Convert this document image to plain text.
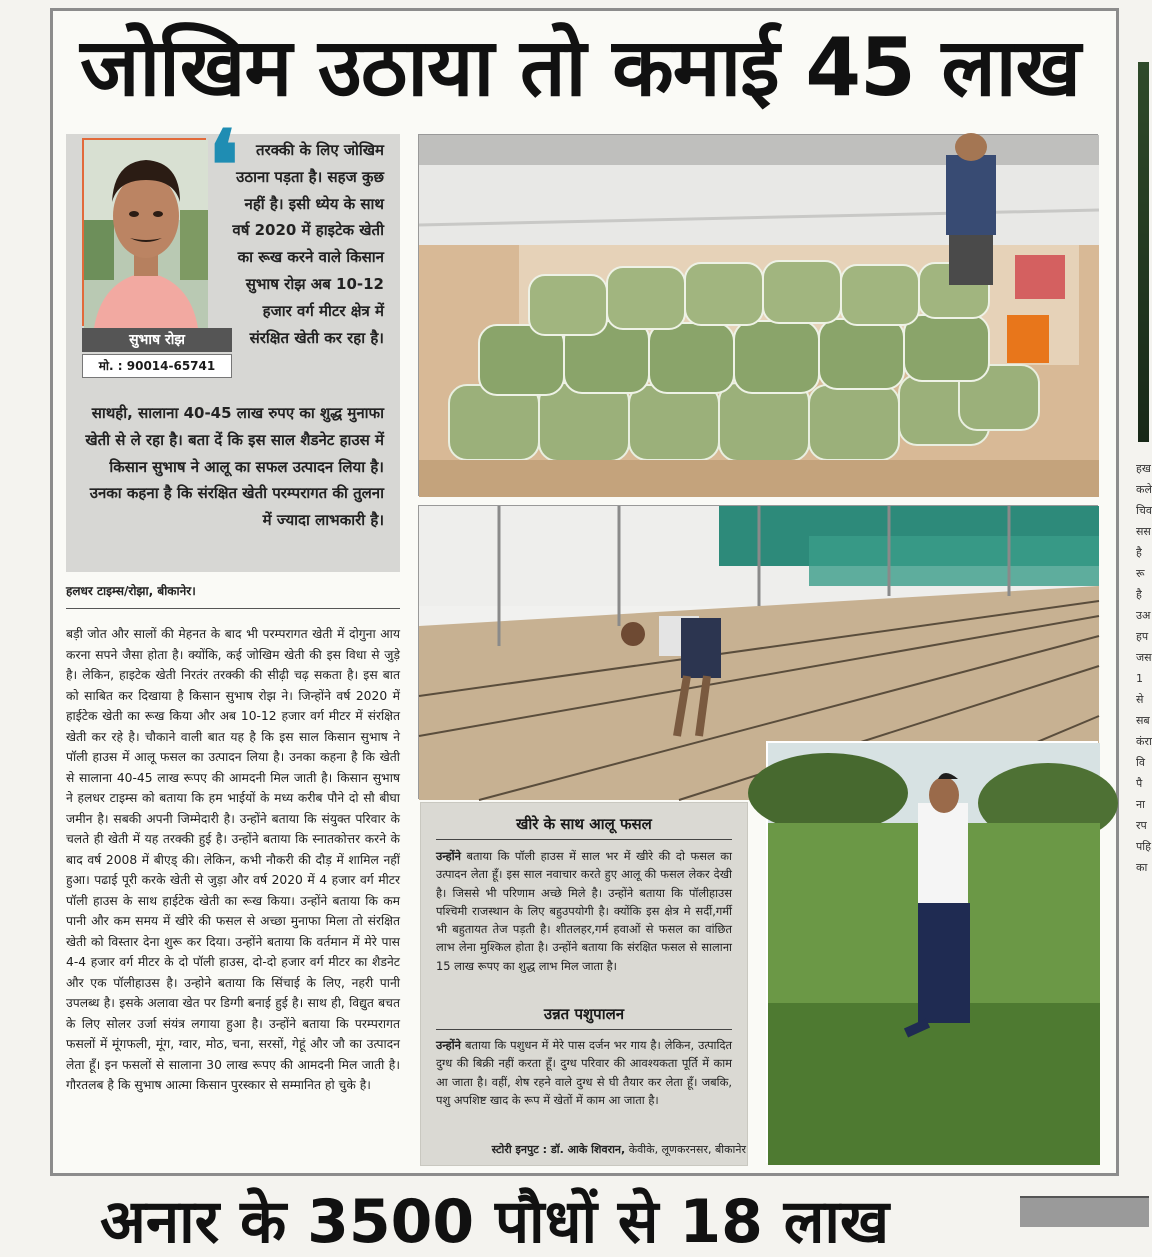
जोखिम उठाया तो कमाई 45 लाख
सुभाष रोझ
मो. : 90014-65741
❛	तरक्की के लिए जोखिम उठाना पड़ता है। सहज कुछ नहीं है। इसी ध्येय के साथ वर्ष 2020 में हाइटेक खेती का रूख करने वाले किसान सुभाष रोझ अब 10-12 हजार वर्ग मीटर क्षेत्र में संरक्षित खेती कर रहा है।
साथही, सालाना 40-45 लाख रुपए का शुद्ध मुनाफा खेती से ले रहा है। बता दें कि इस साल शैडनेट हाउस में किसान सुभाष ने आलू का सफल उत्पादन लिया है। उनका कहना है कि संरक्षित खेती परम्परागत की तुलना में ज्यादा लाभकारी है।
हलधर टाइम्स/रोझा, बीकानेर।
बड़ी जोत और सालों की मेहनत के बाद भी परम्परागत खेती में दोगुना आय करना सपने जैसा होता है। क्योंकि, कई जोखिम खेती की इस विधा से जुड़े है। लेकिन, हाइटेक खेती निरतंर तरक्की की सीढ़ी चढ़ सकता है। इस बात को साबित कर दिखाया है किसान सुभाष रोझ ने। जिन्होंने वर्ष 2020 में हाईटेक खेती का रूख किया और अब 10-12 हजार वर्ग मीटर में संरक्षित खेती कर रहे है। चौकाने वाली बात यह है कि इस साल किसान सुभाष ने पॉली हाउस में आलू फसल का उत्पादन लिया है। उनका कहना है कि खेती से सालाना 40-45 लाख रूपए की आमदनी मिल जाती है। किसान सुभाष ने हलधर टाइम्स को बताया कि हम भाईयों के मध्य करीब पौने दो सौ बीघा जमीन है। सबकी अपनी जिम्मेदारी है। उन्होंने बताया कि संयुक्त परिवार के चलते ही खेती में यह तरक्की हुई है। उन्होंने बताया कि स्नातकोत्तर करने के बाद वर्ष 2008 में बीएड् की। लेकिन, कभी नौकरी की दौड़ में शामिल नहीं हुआ। पढाई पूरी करके खेती से जुड़ा और वर्ष 2020 में 4 हजार वर्ग मीटर पॉली हाउस के साथ हाईटेक खेती का रूख किया। उन्होंने बताया कि कम पानी और कम समय में खीरे की फसल से अच्छा मुनाफा मिला तो संरक्षित खेती को विस्तार देना शुरू कर दिया। उन्होंने बताया कि वर्तमान में मेरे पास 4-4 हजार वर्ग मीटर के दो पॉली हाउस, दो-दो हजार वर्ग मीटर का शैडनेट और एक पॉलीहाउस है। उन्होने बताया कि सिंचाई के लिए, नहरी पानी उपलब्ध है। इसके अलावा खेत पर डिग्गी बनाई हुई है। साथ ही, विद्युत बचत के लिए सोलर उर्जा संयंत्र लगाया हुआ है। उन्होंने बताया कि परम्परागत फसलों में मूंगफली, मूंग, ग्वार, मोठ, चना, सरसों, गेहूं और जौ का उत्पादन लेता हूँ। इन फसलों से सालाना 30 लाख रूपए की आमदनी मिल जाती है। गौरतलब है कि सुभाष आत्मा किसान पुरस्कार से सम्मानित हो चुके है।
खीरे के साथ आलू फसल
उन्होंने बताया कि पॉली हाउस में साल भर में खीरे की दो फसल का उत्पादन लेता हूँ। इस साल नवाचार करते हुए आलू की फसल लेकर देखी है। जिससे भी परिणाम अच्छे मिले है। उन्होंने बताया कि पॉलीहाउस पश्चिमी राजस्थान के लिए बहुउपयोगी है। क्योंकि इस क्षेत्र मे सर्दी,गर्मी भी बहुतायत तेज पड़ती है। शीतलहर,गर्म हवाओं से फसल का वांछित लाभ लेना मुश्किल होता है। उन्होंने बताया कि संरक्षित फसल से सालाना 15 लाख रूपए का शुद्ध लाभ मिल जाता है।
उन्नत पशुपालन
उन्होंने बताया कि पशुधन में मेरे पास दर्जन भर गाय है। लेकिन, उत्पादित दुग्ध की बिक्री नहीं करता हूँ। दुग्ध परिवार की आवश्यकता पूर्ति में काम आ जाता है। वहीं, शेष रहने वाले दुग्ध से घी तैयार कर लेता हूँ। जबकि, पशु अपशिष्ट खाद के रूप में खेतों में काम आ जाता है।
स्टोरी इनपुट : डॉ. आके शिवरान, केवीके, लूणकरनसर, बीकानेर
हख कले चिव सस है रू है उअ हप जस 1 से सब कंरा वि पै ना रप पहि का
अनार के 3500 पौधों से 18 लाख
